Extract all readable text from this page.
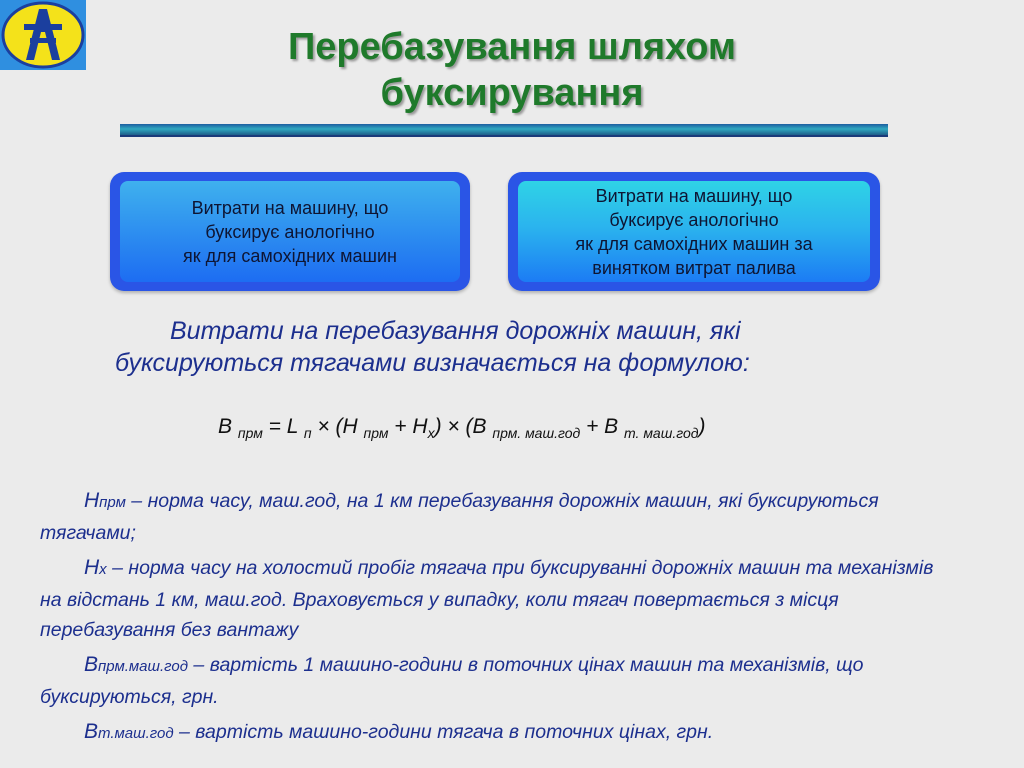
Перебазування шляхом
буксирування
Витрати на машину, що
буксирує анологічно
як для самохідних машин
Витрати на машину, що
буксирує анологічно
як для самохідних машин за
винятком витрат палива
Витрати на перебазування дорожніх машин, які
буксируються тягачами визначається на формулою:
В $_{прм}$ = L $_п$ × (Н $_{прм} + Н_х) \times (В$ $_{прм. маш.год}$ + В $_{т. маш.год}$)

Нпрм – норма часу, маш.год, на 1 км перебазування дорожніх машин, які буксируються тягачами;

Нх – норма часу на холостий пробіг тягача при буксируванні дорожніх машин та механізмів на відстань 1 км, маш.год. Враховується у випадку, коли тягач повертається з місця перебазування без вантажу

Впрм.маш.год – вартість 1 машино-години в поточних цінах машин та механізмів, що буксируються, грн.

Вт.маш.год – вартість машино-години тягача в поточних цінах, грн.
